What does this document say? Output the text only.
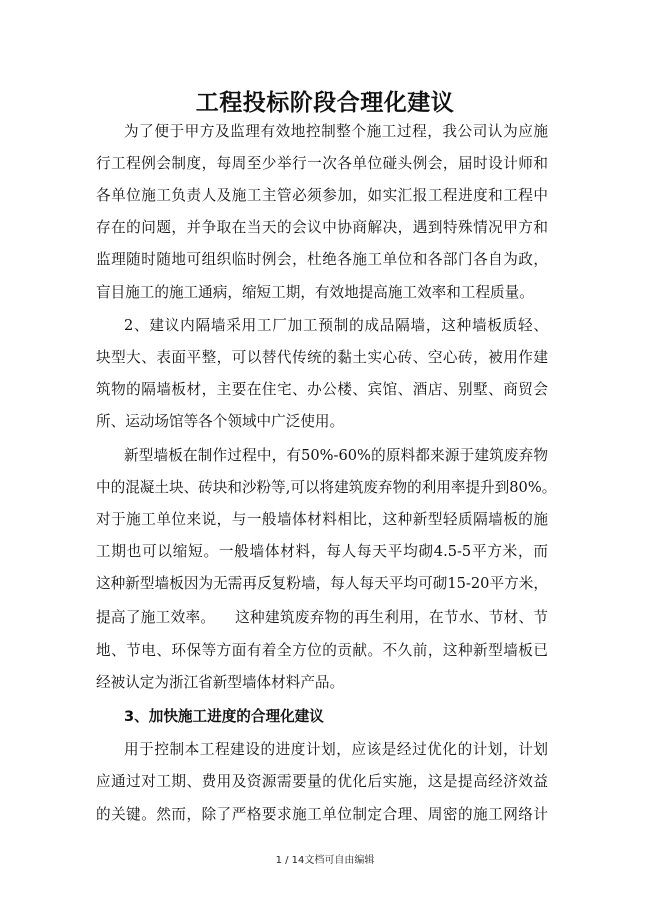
工程投标阶段合理化建议
为了便于甲方及监理有效地控制整个施工过程，我公司认为应施
行工程例会制度，每周至少举行一次各单位碰头例会，届时设计师和
各单位施工负责人及施工主管必须参加，如实汇报工程进度和工程中
存在的问题，并争取在当天的会议中协商解决，遇到特殊情况甲方和
监理随时随地可组织临时例会，杜绝各施工单位和各部门各自为政，
盲目施工的施工通病，缩短工期，有效地提高施工效率和工程质量。
2、建议内隔墙采用工厂加工预制的成品隔墙，这种墙板质轻、
块型大、表面平整，可以替代传统的黏土实心砖、空心砖，被用作建
筑物的隔墙板材，主要在住宅、办公楼、宾馆、酒店、别墅、商贸会
所、运动场馆等各个领域中广泛使用。
新型墙板在制作过程中，有50%-60%的原料都来源于建筑废弃物
中的混凝土块、砖块和沙粉等,可以将建筑废弃物的利用率提升到80%。
对于施工单位来说，与一般墙体材料相比，这种新型轻质隔墙板的施
工期也可以缩短。一般墙体材料，每人每天平均砌4.5-5平方米，而
这种新型墙板因为无需再反复粉墙，每人每天平均可砌15-20平方米，
提高了施工效率。    这种建筑废弃物的再生利用，在节水、节材、节
地、节电、环保等方面有着全方位的贡献。不久前，这种新型墙板已
经被认定为浙江省新型墙体材料产品。
3、加快施工进度的合理化建议
用于控制本工程建设的进度计划，应该是经过优化的计划，计划
应通过对工期、费用及资源需要量的优化后实施，这是提高经济效益
的关键。然而，除了严格要求施工单位制定合理、周密的施工网络计
1 / 14文档可自由编辑
